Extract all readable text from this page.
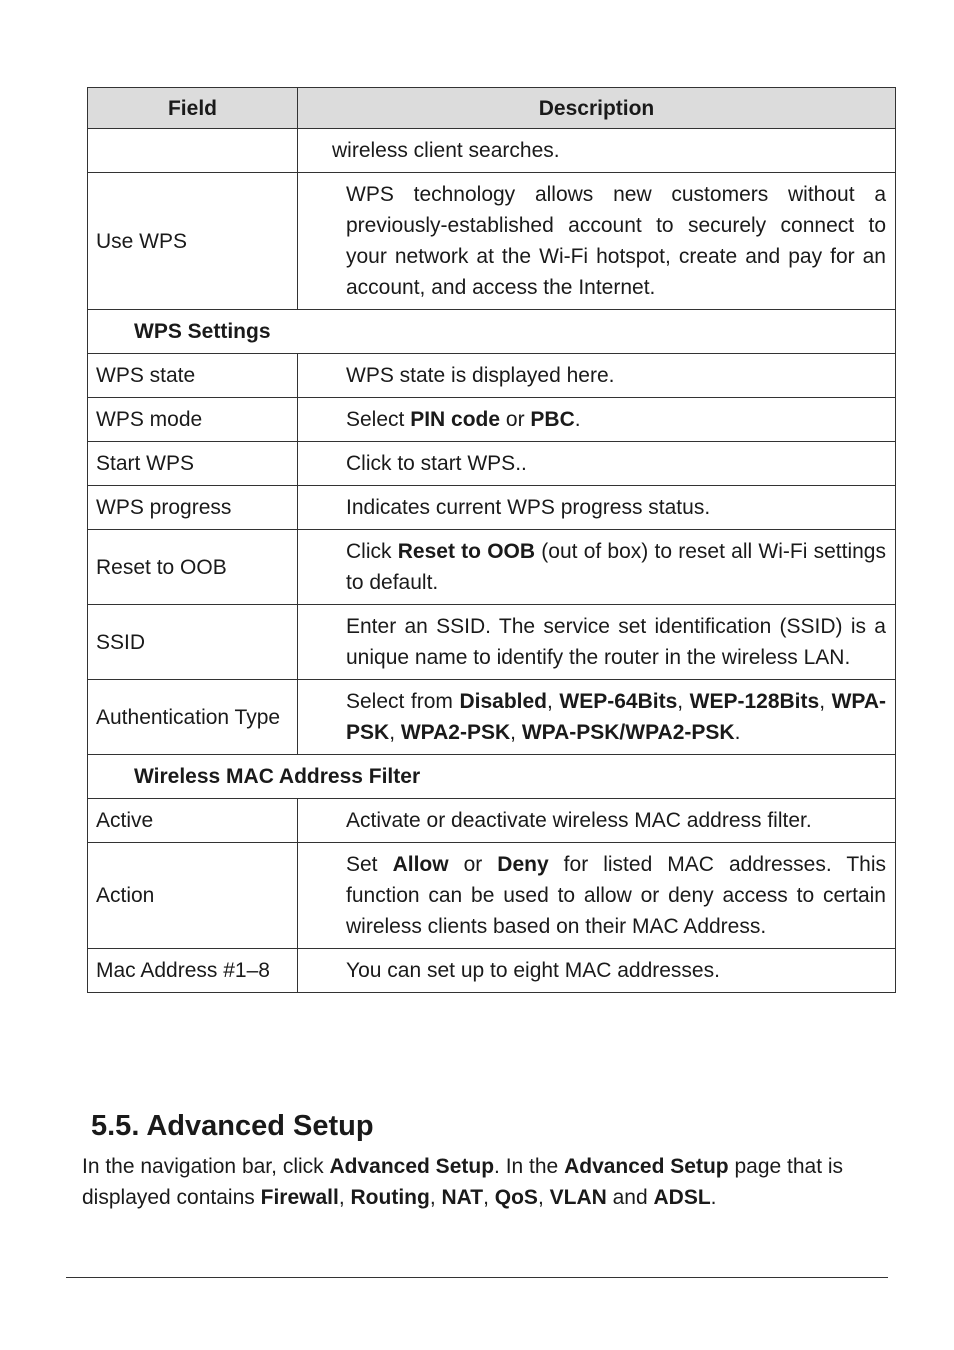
Field	Description
	wireless client searches.
Use WPS	WPS technology allows new customers without a previously-established account to securely connect to your network at the Wi-Fi hotspot, create and pay for an account, and access the Internet.
WPS Settings	
WPS state	WPS state is displayed here.
WPS mode	Select PIN code or PBC.
Start WPS	Click to start WPS..
WPS progress	Indicates current WPS progress status.
Reset to OOB	Click Reset to OOB (out of box) to reset all Wi-Fi settings to default.
SSID	Enter an SSID. The service set identification (SSID) is a unique name to identify the router in the wireless LAN.
Authentication Type	Select from Disabled, WEP-64Bits, WEP-128Bits, WPA-PSK, WPA2-PSK, WPA-PSK/WPA2-PSK.
Wireless MAC Address Filter	
Active	Activate or deactivate wireless MAC address filter.
Action	Set Allow or Deny for listed MAC addresses. This function can be used to allow or deny access to certain wireless clients based on their MAC Address.
Mac Address #1–8	You can set up to eight MAC addresses.
5.5. Advanced Setup

In the navigation bar, click Advanced Setup. In the Advanced Setup page that is displayed contains Firewall, Routing, NAT, QoS, VLAN and ADSL.
